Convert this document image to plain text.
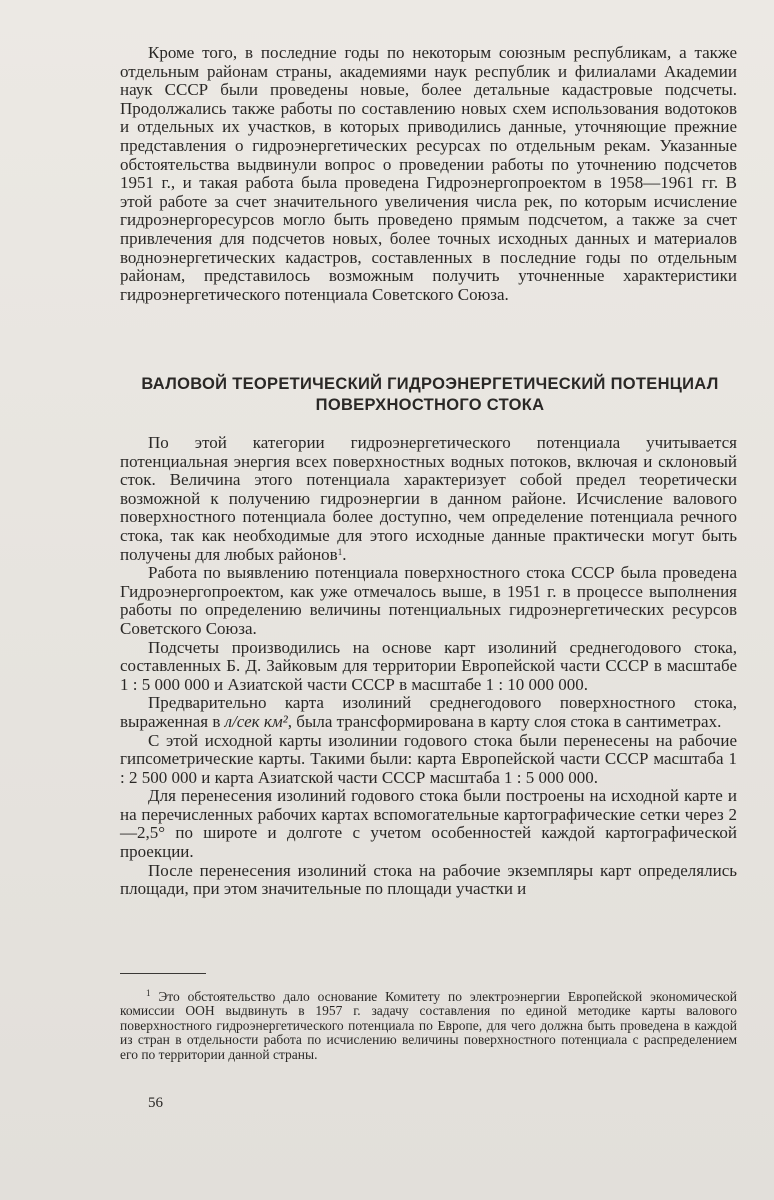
Кроме того, в последние годы по некоторым союзным республикам, а также отдельным районам страны, академиями наук республик и филиалами Академии наук СССР были проведены новые, более детальные кадастровые подсчеты. Продолжались также работы по составлению новых схем использования водотоков и отдельных их участков, в которых приводились данные, уточняющие прежние представления о гидроэнергетических ресурсах по отдельным рекам. Указанные обстоятельства выдвинули вопрос о проведении работы по уточнению подсчетов 1951 г., и такая работа была проведена Гидроэнергопроектом в 1958—1961 гг. В этой работе за счет значительного увеличения числа рек, по которым исчисление гидроэнергоресурсов могло быть проведено прямым подсчетом, а также за счет привлечения для подсчетов новых, более точных исходных данных и материалов водноэнергетических кадастров, составленных в последние годы по отдельным районам, представилось возможным получить уточненные характеристики гидроэнергетического потенциала Советского Союза.

ВАЛОВОЙ ТЕОРЕТИЧЕСКИЙ ГИДРОЭНЕРГЕТИЧЕСКИЙ ПОТЕНЦИАЛ
ПОВЕРХНОСТНОГО СТОКА

По этой категории гидроэнергетического потенциала учитывается потенциальная энергия всех поверхностных водных потоков, включая и склоновый сток. Величина этого потенциала характеризует собой предел теоретически возможной к получению гидроэнергии в данном районе. Исчисление валового поверхностного потенциала более доступно, чем определение потенциала речного стока, так как необходимые для этого исходные данные практически могут быть получены для любых районов$^1$.

Работа по выявлению потенциала поверхностного стока СССР была проведена Гидроэнергопроектом, как уже отмечалось выше, в 1951 г. в процессе выполнения работы по определению величины потенциальных гидроэнергетических ресурсов Советского Союза.

Подсчеты производились на основе карт изолиний среднегодового стока, составленных Б. Д. Зайковым для территории Европейской части СССР в масштабе 1 : 5 000 000 и Азиатской части СССР в масштабе 1 : 10 000 000.

Предварительно карта изолиний среднегодового поверхностного стока, выраженная в л/сек км², была трансформирована в карту слоя стока в сантиметрах.

С этой исходной карты изолинии годового стока были перенесены на рабочие гипсометрические карты. Такими были: карта Европейской части СССР масштаба 1 : 2 500 000 и карта Азиатской части СССР масштаба 1 : 5 000 000.

Для перенесения изолиний годового стока были построены на исходной карте и на перечисленных рабочих картах вспомогательные картографические сетки через 2—2,5° по широте и долготе с учетом особенностей каждой картографической проекции.

После перенесения изолиний стока на рабочие экземпляры карт определялись площади, при этом значительные по площади участки и

$^1$ Это обстоятельство дало основание Комитету по электроэнергии Европейской экономической комиссии ООН выдвинуть в 1957 г. задачу составления по единой методике карты валового поверхностного гидроэнергетического потенциала по Европе, для чего должна быть проведена в каждой из стран в отдельности работа по исчислению величины поверхностного потенциала с распределением его по территории данной страны.

56
